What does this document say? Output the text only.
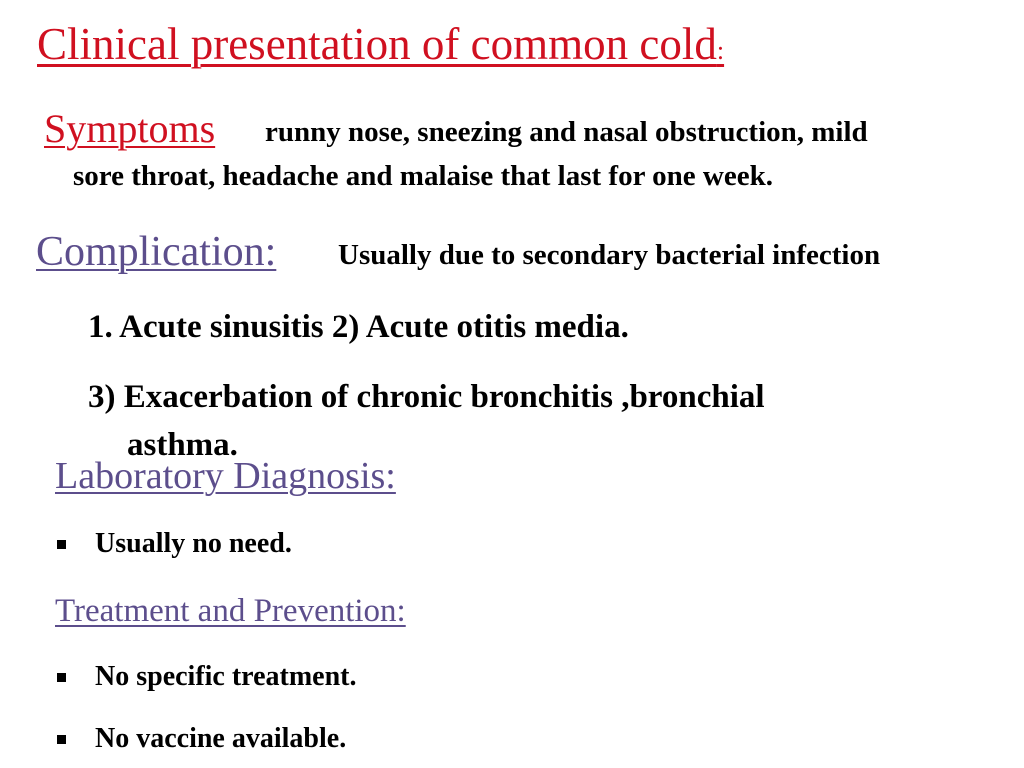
Clinical presentation of common cold:
Symptoms runny nose, sneezing and nasal obstruction, mild
sore throat, headache and malaise that last for one week.
Complication: Usually due to secondary bacterial infection
1. Acute sinusitis 2) Acute otitis media.
3) Exacerbation of chronic bronchitis ,bronchial
asthma.
Laboratory Diagnosis:
Usually no need.
Treatment and Prevention:
No specific treatment.
No vaccine available.
